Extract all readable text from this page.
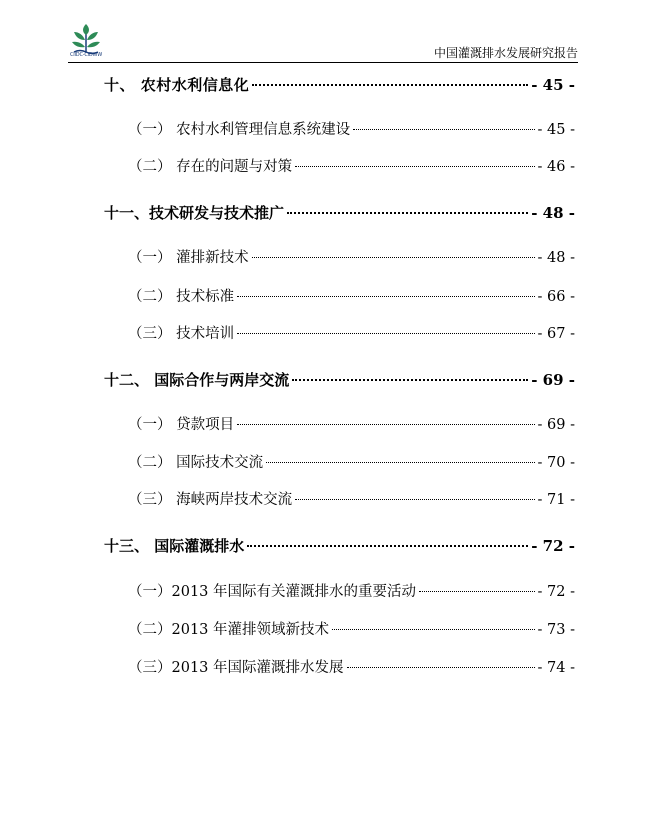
CIIDC-CIDWW	中国灌溉排水发展研究报告
十、 农村水利信息化	- 45 -
（一） 农村水利管理信息系统建设	- 45 -
（二） 存在的问题与对策	- 46 -
十一、技术研发与技术推广	- 48 -
（一） 灌排新技术	- 48 -
（二） 技术标准	- 66 -
（三） 技术培训	- 67 -
十二、 国际合作与两岸交流	- 69 -
（一） 贷款项目	- 69 -
（二） 国际技术交流	- 70 -
（三） 海峡两岸技术交流	- 71 -
十三、 国际灌溉排水	- 72 -
（一）2013 年国际有关灌溉排水的重要活动	- 72 -
（二）2013 年灌排领域新技术	- 73 -
（三）2013 年国际灌溉排水发展	- 74 -
